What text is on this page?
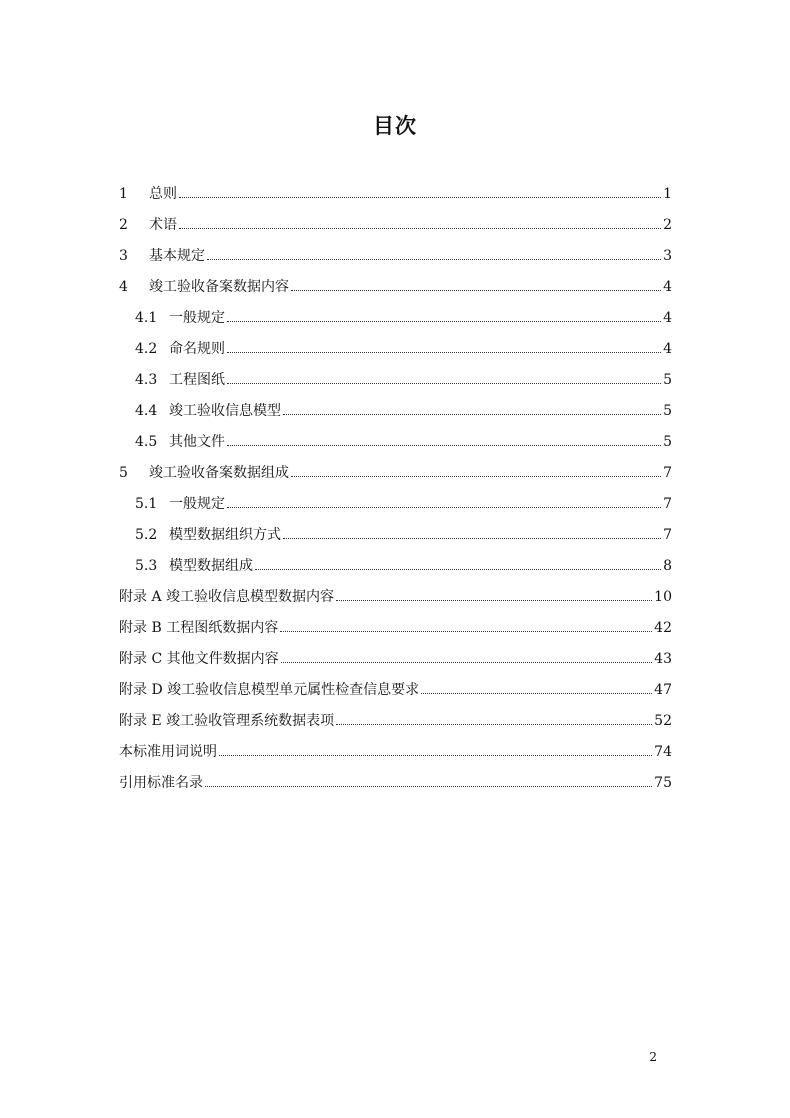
目次
1	总则	1
2	术语	2
3	基本规定	3
4	竣工验收备案数据内容	4
4.1 一般规定	4
4.2 命名规则	4
4.3 工程图纸	5
4.4 竣工验收信息模型	5
4.5 其他文件	5
5	竣工验收备案数据组成	7
5.1 一般规定	7
5.2 模型数据组织方式	7
5.3 模型数据组成	8
附录 A 竣工验收信息模型数据内容	10
附录 B 工程图纸数据内容	42
附录 C 其他文件数据内容	43
附录 D 竣工验收信息模型单元属性检查信息要求	47
附录 E 竣工验收管理系统数据表项	52
本标准用词说明	74
引用标准名录	75
2
